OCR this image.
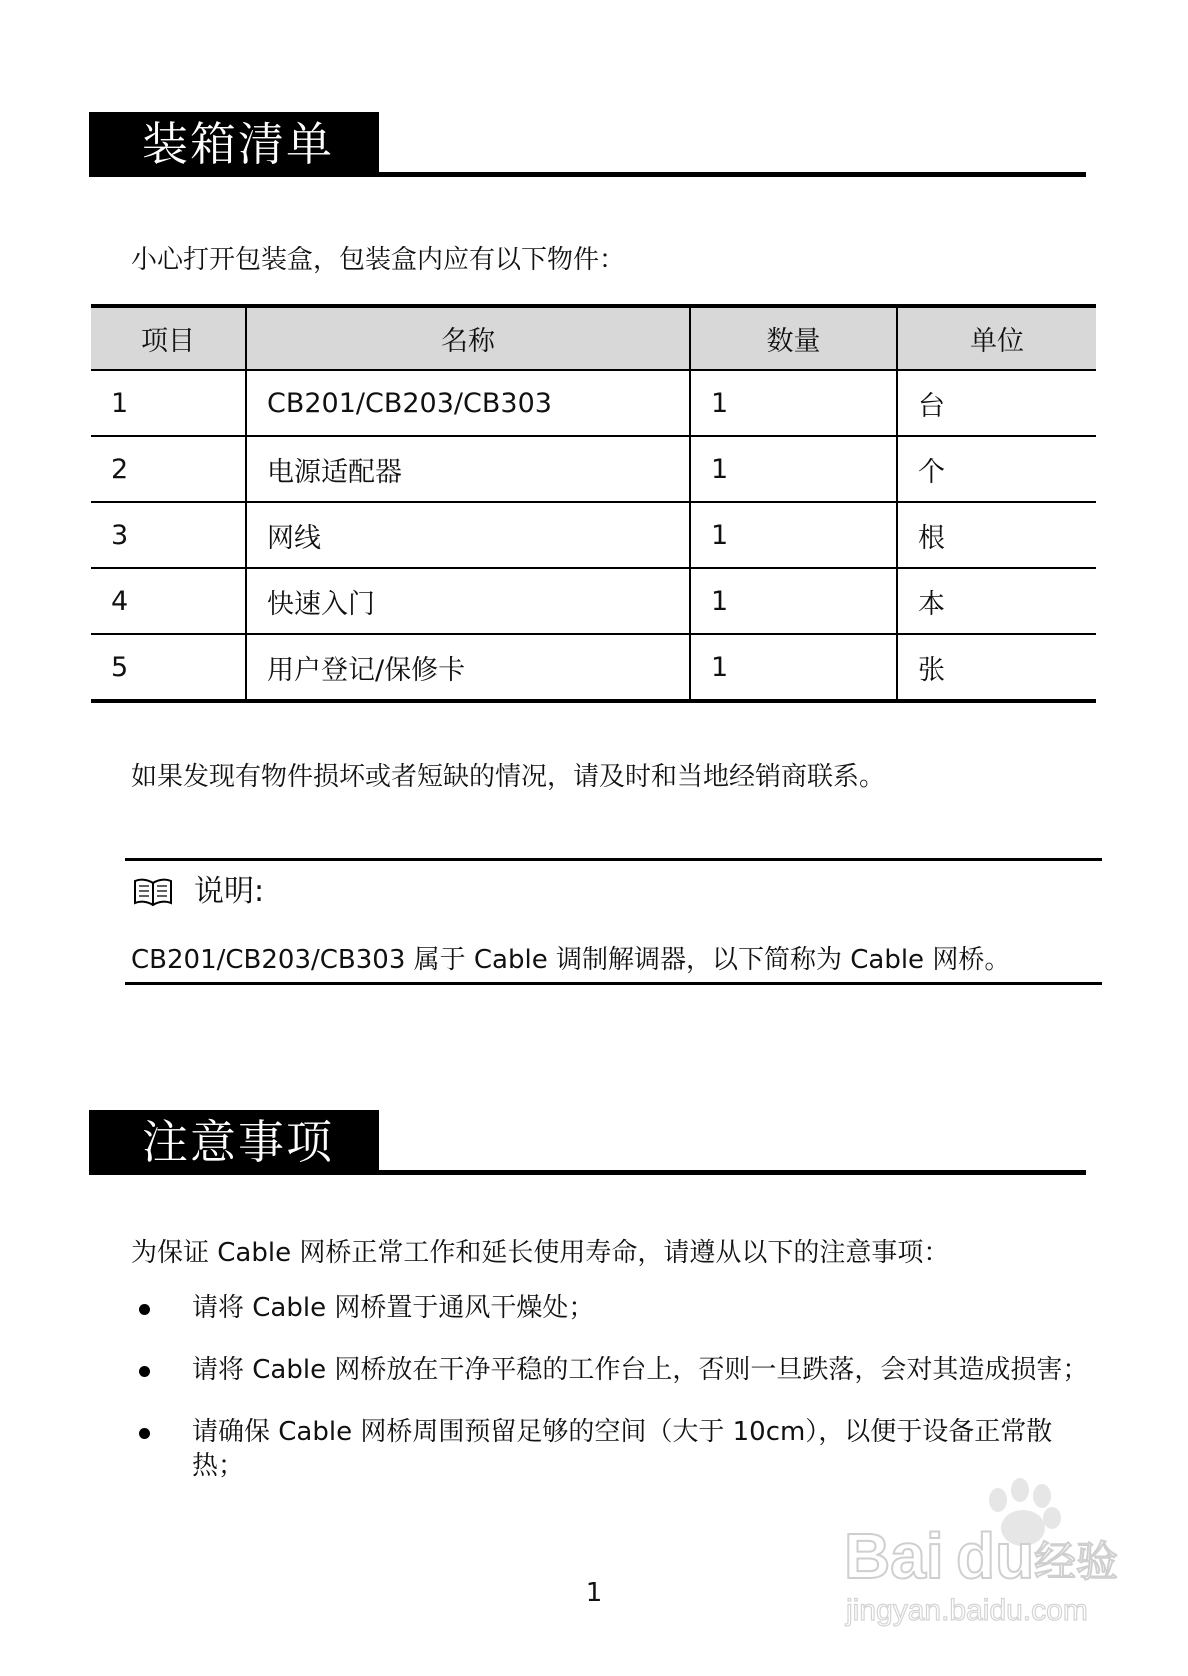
装箱清单
小心打开包装盒，包装盒内应有以下物件：
项目	名称	数量	单位
1	CB201/CB203/CB303	1	台
2	电源适配器	1	个
3	网线	1	根
4	快速入门	1	本
5	用户登记/保修卡	1	张
如果发现有物件损坏或者短缺的情况，请及时和当地经销商联系。
说明:
CB201/CB203/CB303 属于 Cable 调制解调器，以下简称为 Cable 网桥。
注意事项
为保证 Cable 网桥正常工作和延长使用寿命，请遵从以下的注意事项：
请将 Cable 网桥置于通风干燥处；
请将 Cable 网桥放在干净平稳的工作台上，否则一旦跌落，会对其造成损害；
请确保 Cable 网桥周围预留足够的空间（大于 10cm），以便于设备正常散热；
1
Bai du 经验
jingyan.baidu.com
